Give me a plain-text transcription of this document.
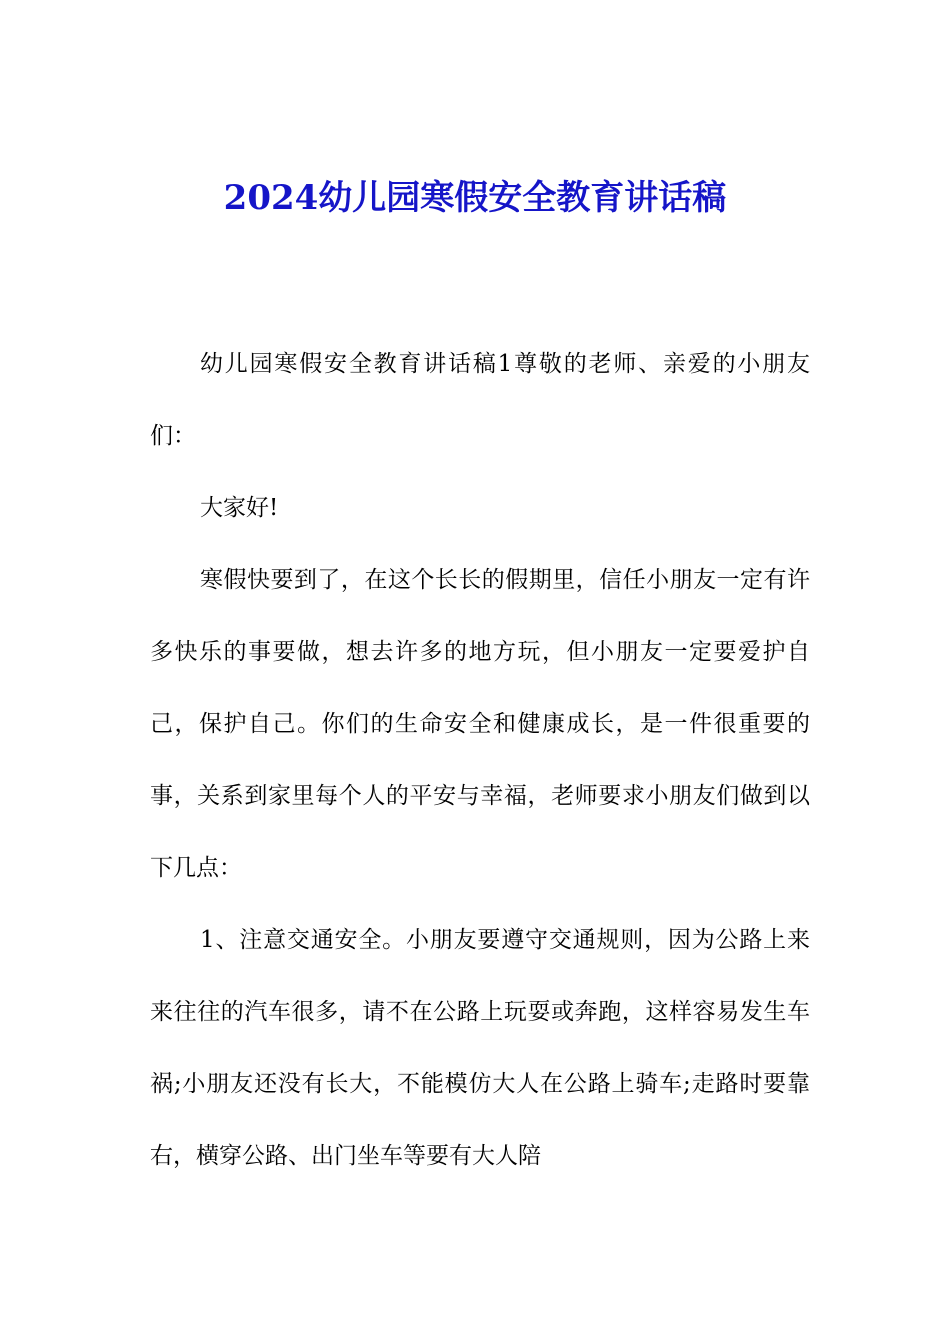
2024幼儿园寒假安全教育讲话稿

幼儿园寒假安全教育讲话稿1尊敬的老师、亲爱的小朋友们：

大家好!

寒假快要到了，在这个长长的假期里，信任小朋友一定有许多快乐的事要做，想去许多的地方玩，但小朋友一定要爱护自己，保护自己。你们的生命安全和健康成长，是一件很重要的事，关系到家里每个人的平安与幸福，老师要求小朋友们做到以下几点：

1、注意交通安全。小朋友要遵守交通规则，因为公路上来来往往的汽车很多，请不在公路上玩耍或奔跑，这样容易发生车祸;小朋友还没有长大，不能模仿大人在公路上骑车;走路时要靠右，横穿公路、出门坐车等要有大人陪
